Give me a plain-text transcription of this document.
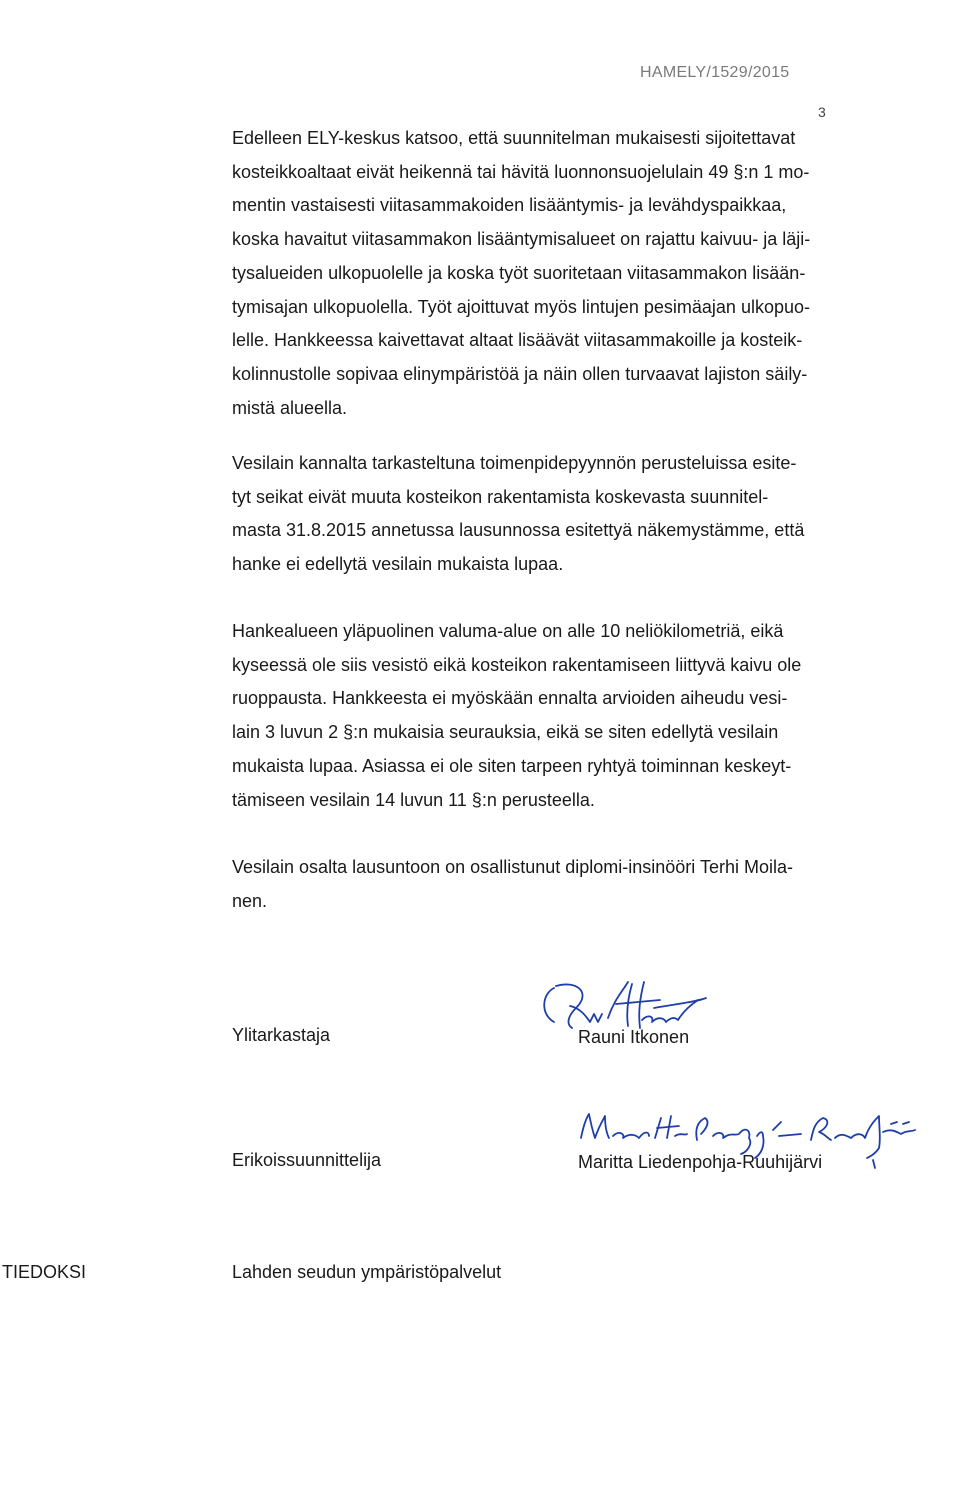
HAMELY/1529/2015
3

Edelleen ELY-keskus katsoo, että suunnitelman mukaisesti sijoitettavat
kosteikkoaltaat eivät heikennä tai hävitä luonnonsuojelulain 49 §:n 1 mo-
mentin vastaisesti viitasammakoiden lisääntymis- ja levähdyspaikkaa,
koska havaitut viitasammakon lisääntymisalueet on rajattu kaivuu- ja läji-
tysalueiden ulkopuolelle ja koska työt suoritetaan viitasammakon lisään-
tymisajan ulkopuolella. Työt ajoittuvat myös lintujen pesimäajan ulkopuo-
lelle. Hankkeessa kaivettavat altaat lisäävät viitasammakoille ja kosteik-
kolinnustolle sopivaa elinympäristöä ja näin ollen turvaavat lajiston säily-
mistä alueella.

Vesilain kannalta tarkasteltuna toimenpidepyynnön perusteluissa esite-
tyt seikat eivät muuta kosteikon rakentamista koskevasta suunnitel-
masta 31.8.2015 annetussa lausunnossa esitettyä näkemystämme, että
hanke ei edellytä vesilain mukaista lupaa.

Hankealueen yläpuolinen valuma-alue on alle 10 neliökilometriä, eikä
kyseessä ole siis vesistö eikä kosteikon rakentamiseen liittyvä kaivu ole
ruoppausta. Hankkeesta ei myöskään ennalta arvioiden aiheudu vesi-
lain 3 luvun 2 §:n mukaisia seurauksia, eikä se siten edellytä vesilain
mukaista lupaa. Asiassa ei ole siten tarpeen ryhtyä toiminnan keskeyt-
tämiseen vesilain 14 luvun 11 §:n perusteella.

Vesilain osalta lausuntoon on osallistunut diplomi-insinööri Terhi Moila-
nen.

Ylitarkastaja	Rauni Itkonen
Erikoissuunnittelija	Maritta Liedenpohja-Ruuhijärvi
TIEDOKSI	Lahden seudun ympäristöpalvelut
